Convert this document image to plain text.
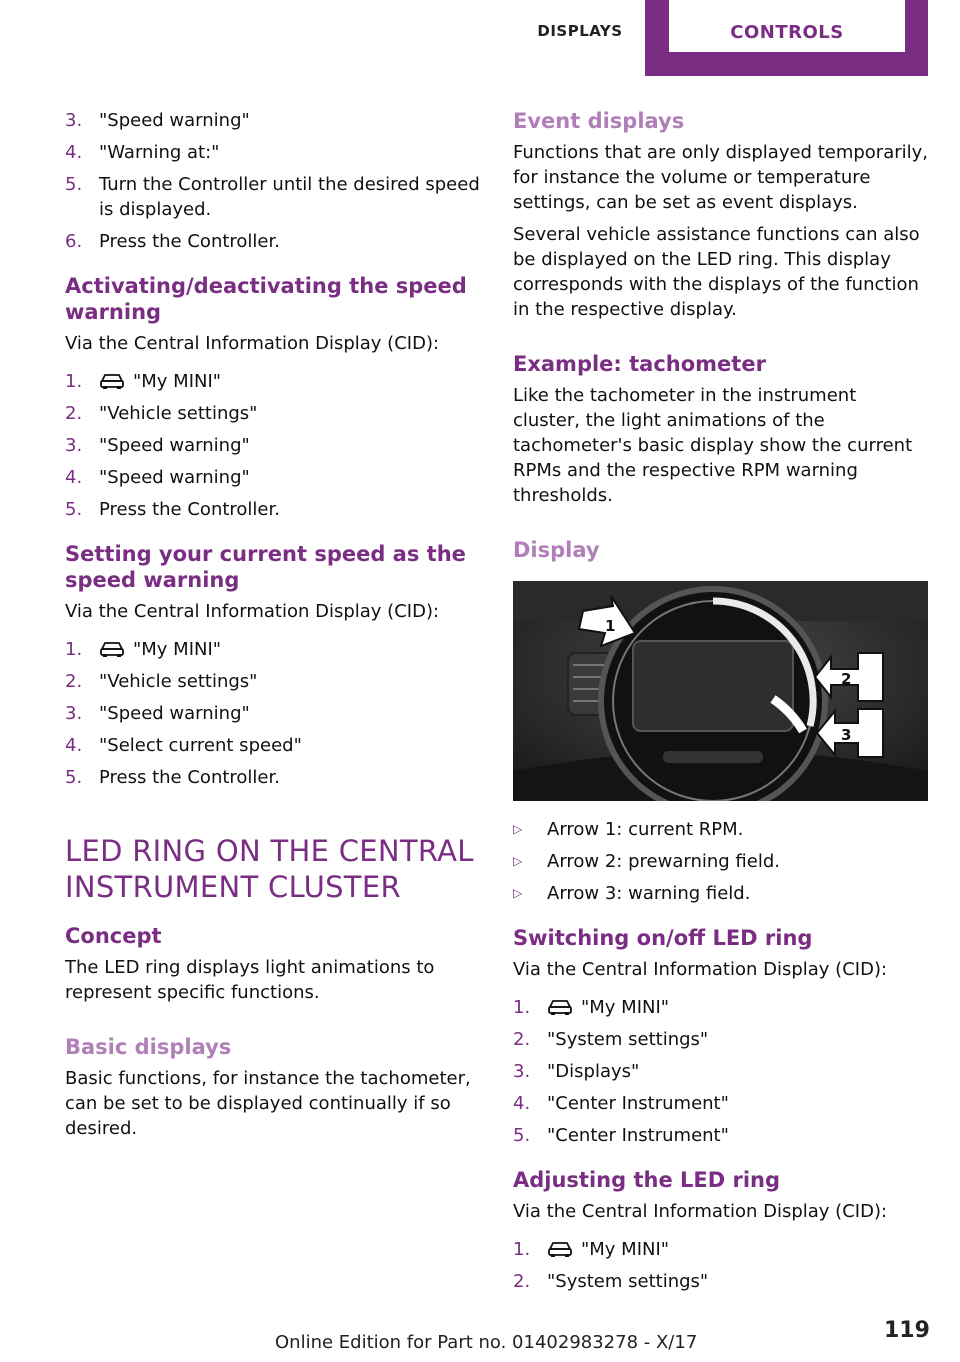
DISPLAYS	CONTROLS
3. "Speed warning"
4. "Warning at:"
5. Turn the Controller until the desired speed is displayed.
6. Press the Controller.
Activating/deactivating the speed warning

Via the Central Information Display (CID):

1.	"My MINI"
2. "Vehicle settings"
3. "Speed warning"
4. "Speed warning"
5. Press the Controller.
Setting your current speed as the speed warning

Via the Central Information Display (CID):

1.	"My MINI"
2. "Vehicle settings"
3. "Speed warning"
4. "Select current speed"
5. Press the Controller.
LED RING ON THE CENTRAL INSTRUMENT CLUSTER
Concept

The LED ring displays light animations to represent specific functions.

Basic displays

Basic functions, for instance the tachometer, can be set to be displayed continually if so desired.

Event displays

Functions that are only displayed temporarily, for instance the volume or temperature settings, can be set as event displays.

Several vehicle assistance functions can also be displayed on the LED ring. This display corresponds with the displays of the function in the respective display.

Example: tachometer

Like the tachometer in the instrument cluster, the light animations of the tachometer's basic display show the current RPMs and the respective RPM warning thresholds.

Display
1
2
3
▷ Arrow 1: current RPM.
▷ Arrow 2: prewarning field.
▷ Arrow 3: warning field.
Switching on/off LED ring

Via the Central Information Display (CID):

1.	"My MINI"
2. "System settings"
3. "Displays"
4. "Center Instrument"
5. "Center Instrument"
Adjusting the LED ring

Via the Central Information Display (CID):

1.	"My MINI"
2. "System settings"
119
Online Edition for Part no. 01402983278 - X/17
